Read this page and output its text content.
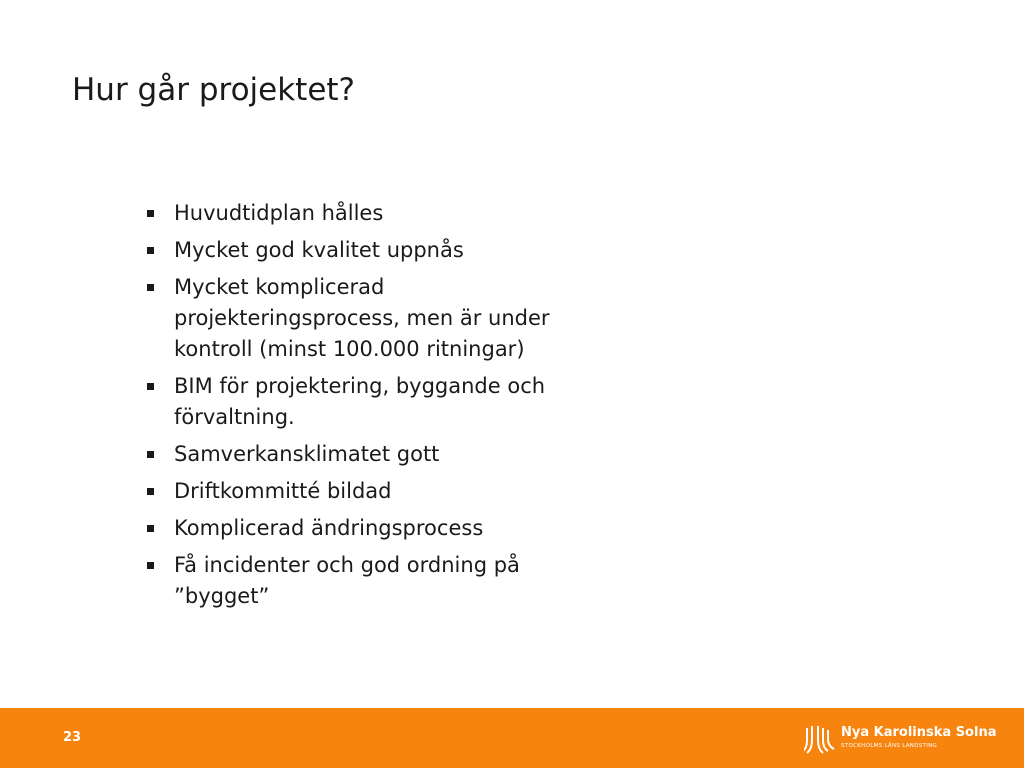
Hur går projektet?
Huvudtidplan hålles
Mycket god kvalitet uppnås
Mycket komplicerad
projekteringsprocess, men är under
kontroll (minst 100.000 ritningar)
BIM för projektering, byggande och
förvaltning.
Samverkansklimatet gott
Driftkommitté bildad
Komplicerad ändringsprocess
Få incidenter och god ordning på
”bygget”
23	Nya Karolinska Solna
STOCKHOLMS LÄNS LANDSTING
